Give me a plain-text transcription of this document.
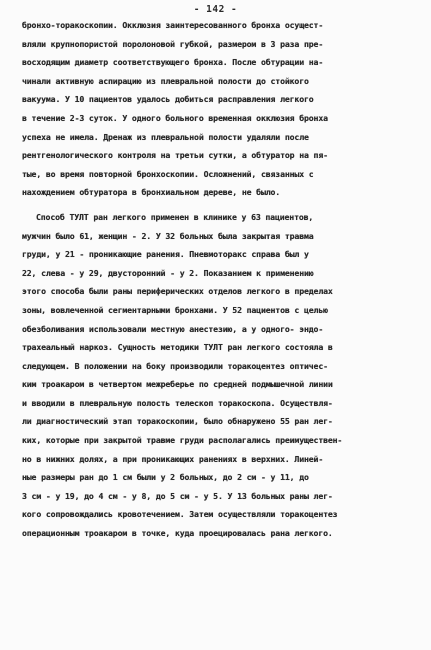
- 142 -
бронхо-торакоскопии. Окклюзия заинтересованного бронха осущест-
вляли крупнопористой поролоновой губкой, размером в 3 раза пре-
восходящим диаметр соответствующего бронха. После обтурации на-
чинали активную аспирацию из плевральной полости до стойкого
вакуума. У 10 пациентов удалось добиться расправления легкого
в течение 2-3 суток. У одного больного временная окклюзия бронха
успеха не имела. Дренаж из плевральной полости удаляли после
рентгенологического контроля на третьи сутки, а обтуратор на пя-
тые, во время повторной бронхоскопии. Осложнений, связанных с
нахождением обтуратора в бронхиальном дереве, не было.
Способ ТУЛТ ран легкого применен в клинике у 63 пациентов,
мужчин было 61, женщин - 2. У 32 больных была закрытая травма
груди, у 21 - проникающие ранения. Пневмоторакс справа был у
22, слева - у 29, двусторонний - у 2. Показанием к применению
этого способа были раны периферических отделов легкого в пределах
зоны, вовлеченной сегментарными бронхами. У 52 пациентов с целью
обезболивания использовали местную анестезию, а у одного- эндо-
трахеальный наркоз. Сущность методики ТУЛТ ран легкого состояла в
следующем. В положении на боку производили торакоцентез оптичес-
ким троакаром в четвертом межреберье по средней подмышечной линии
и вводили в плевральную полость телескоп торакоскопа. Осуществля-
ли диагностический этап торакоскопии, было обнаружено 55 ран лег-
ких, которые при закрытой травме груди располагались преимуществен-
но в нижних долях, а при проникающих ранениях в верхних. Линей-
ные размеры ран до 1 см были у 2 больных, до 2 см - у 11, до
3 см - у 19, до 4 см - у 8, до 5 см - у 5. У 13 больных раны лег-
кого сопровождались кровотечением. Затем осуществляли торакоцентез
операционным троакаром в точке, куда проецировалась рана легкого.
